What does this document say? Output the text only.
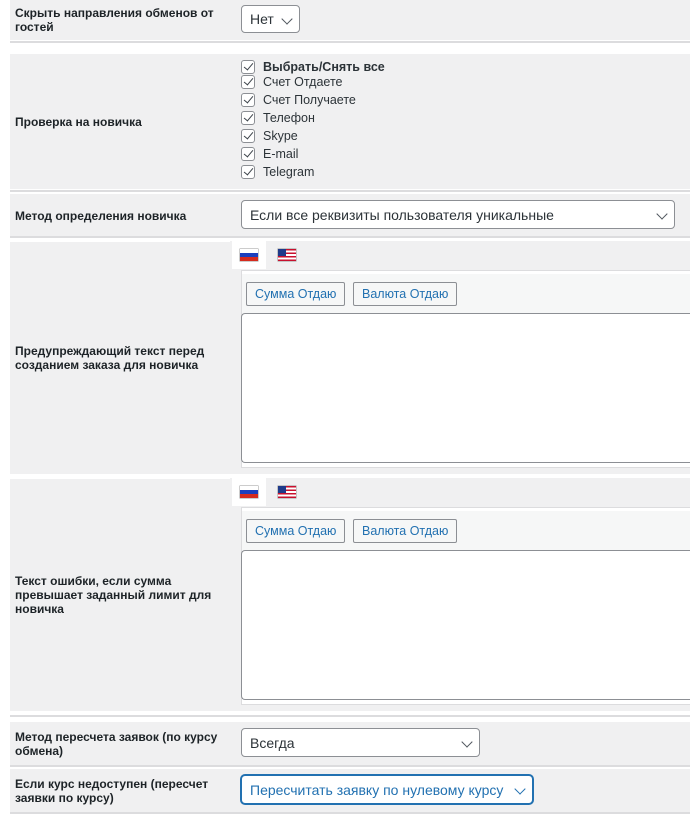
Скрыть направления обменов от гостей	Нет
Проверка на новичка
Выбрать/Снять все
Счет Отдаете
Счет Получаете
Телефон
Skype
E-mail
Telegram
Метод определения новичка	Если все реквизиты пользователя уникальные
Предупреждающий текст перед созданием заказа для новичка
Сумма Отдаю	Валюта Отдаю
Текст ошибки, если сумма превышает заданный лимит для новичка
Сумма Отдаю	Валюта Отдаю
Метод пересчета заявок (по курсу обмена)	Всегда
Если курс недоступен (пересчет заявки по курсу)	Пересчитать заявку по нулевому курсу
